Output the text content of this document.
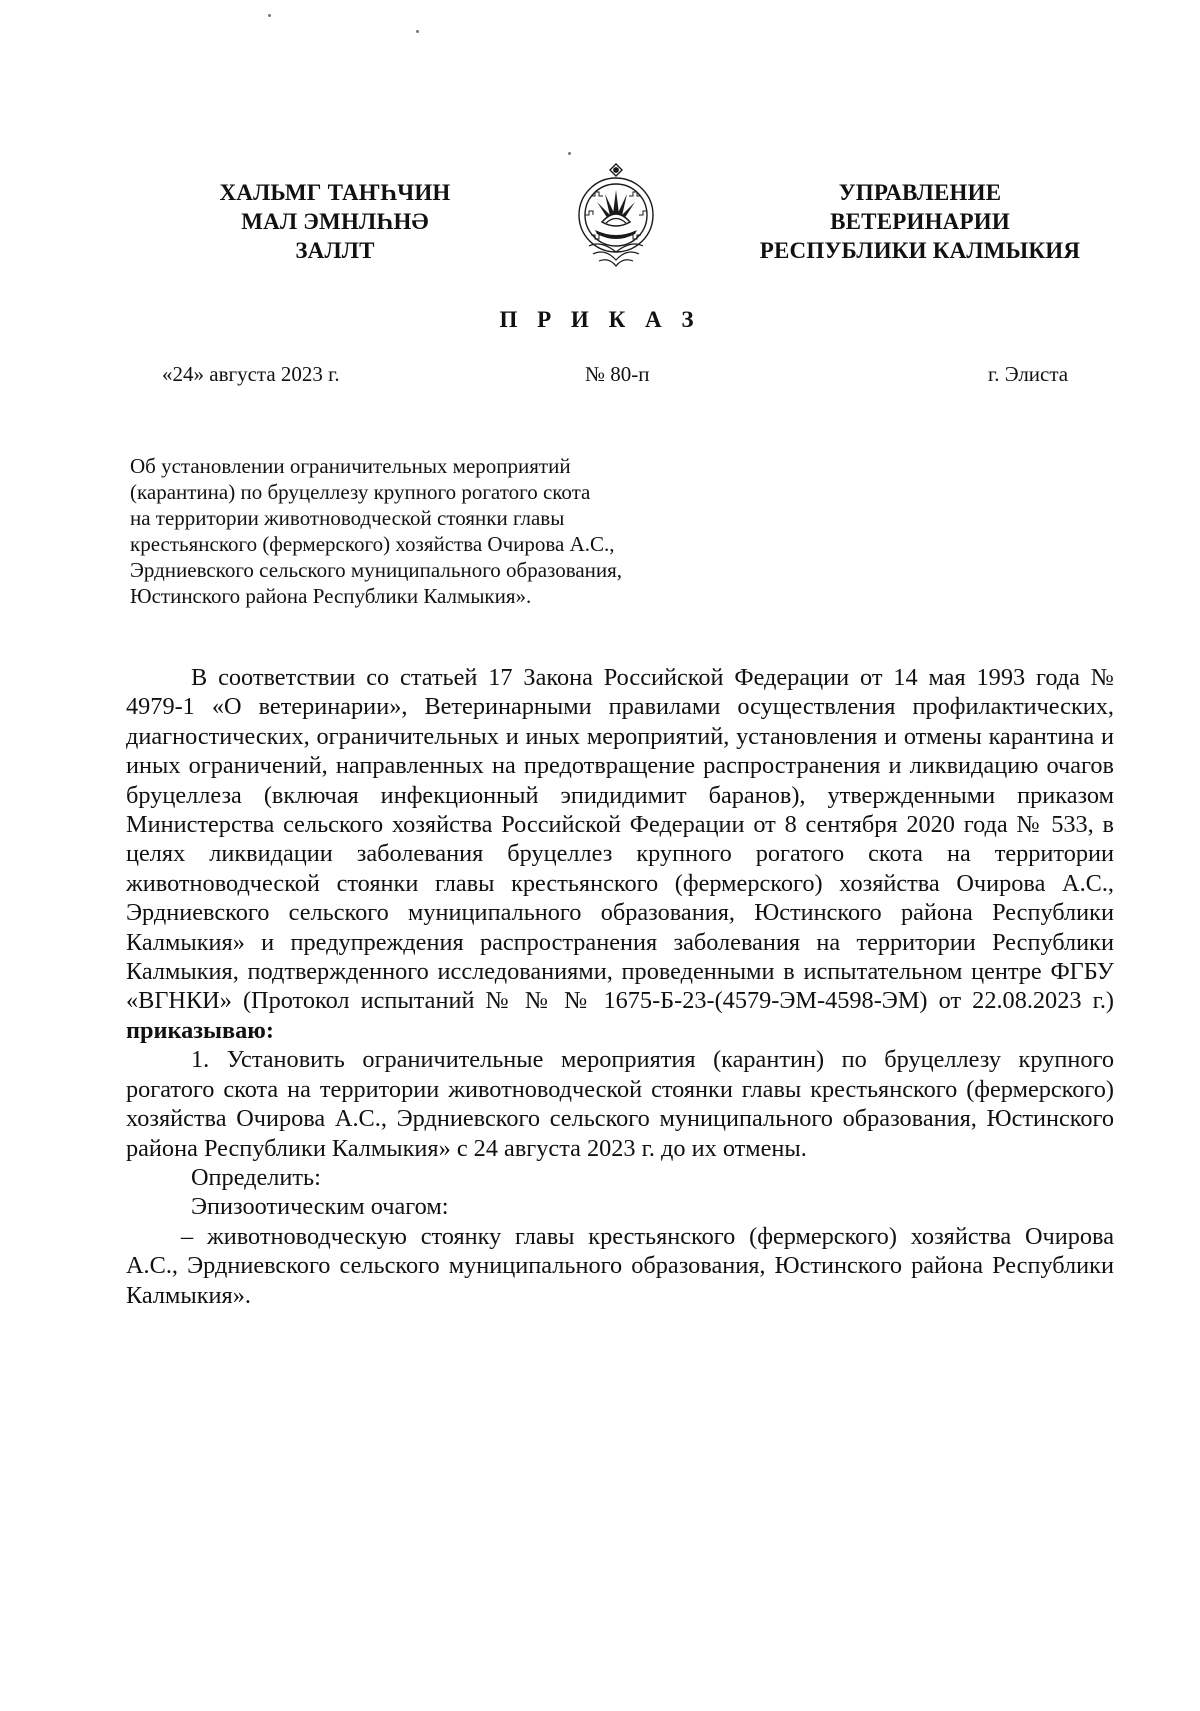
ХАЛЬМГ ТАҤҺЧИН
МАЛ ЭМНЛҺНӘ
ЗАЛЛТ
УПРАВЛЕНИЕ
ВЕТЕРИНАРИИ
РЕСПУБЛИКИ КАЛМЫКИЯ
П Р И К А З
«24» августа 2023 г.	№ 80-п	г. Элиста
Об установлении ограничительных мероприятий
(карантина) по бруцеллезу крупного рогатого скота
на территории животноводческой стоянки главы
крестьянского (фермерского) хозяйства Очирова А.С.,
Эрдниевского сельского муниципального образования,
Юстинского района Республики Калмыкия».

В соответствии со статьей 17 Закона Российской Федерации от 14 мая 1993 года № 4979-1 «О ветеринарии», Ветеринарными правилами осуществления профилактических, диагностических, ограничительных и иных мероприятий, установления и отмены карантина и иных ограничений, направленных на предотвращение распространения и ликвидацию очагов бруцеллеза (включая инфекционный эпидидимит баранов), утвержденными приказом Министерства сельского хозяйства Российской Федерации от 8 сентября 2020 года № 533, в целях ликвидации заболевания бруцеллез крупного рогатого скота на территории животноводческой стоянки главы крестьянского (фермерского) хозяйства Очирова А.С., Эрдниевского сельского муниципального образования, Юстинского района Республики Калмыкия» и предупреждения распространения заболевания на территории Республики Калмыкия, подтвержденного исследованиями, проведенными в испытательном центре ФГБУ «ВГНКИ» (Протокол испытаний № № № 1675-Б-23-(4579-ЭМ-4598-ЭМ) от 22.08.2023 г.) приказываю:

1. Установить ограничительные мероприятия (карантин) по бруцеллезу крупного рогатого скота на территории животноводческой стоянки главы крестьянского (фермерского) хозяйства Очирова А.С., Эрдниевского сельского муниципального образования, Юстинского района Республики Калмыкия» с 24 августа 2023 г. до их отмены.

Определить:

Эпизоотическим очагом:

– животноводческую стоянку главы крестьянского (фермерского) хозяйства Очирова А.С., Эрдниевского сельского муниципального образования, Юстинского района Республики Калмыкия».
